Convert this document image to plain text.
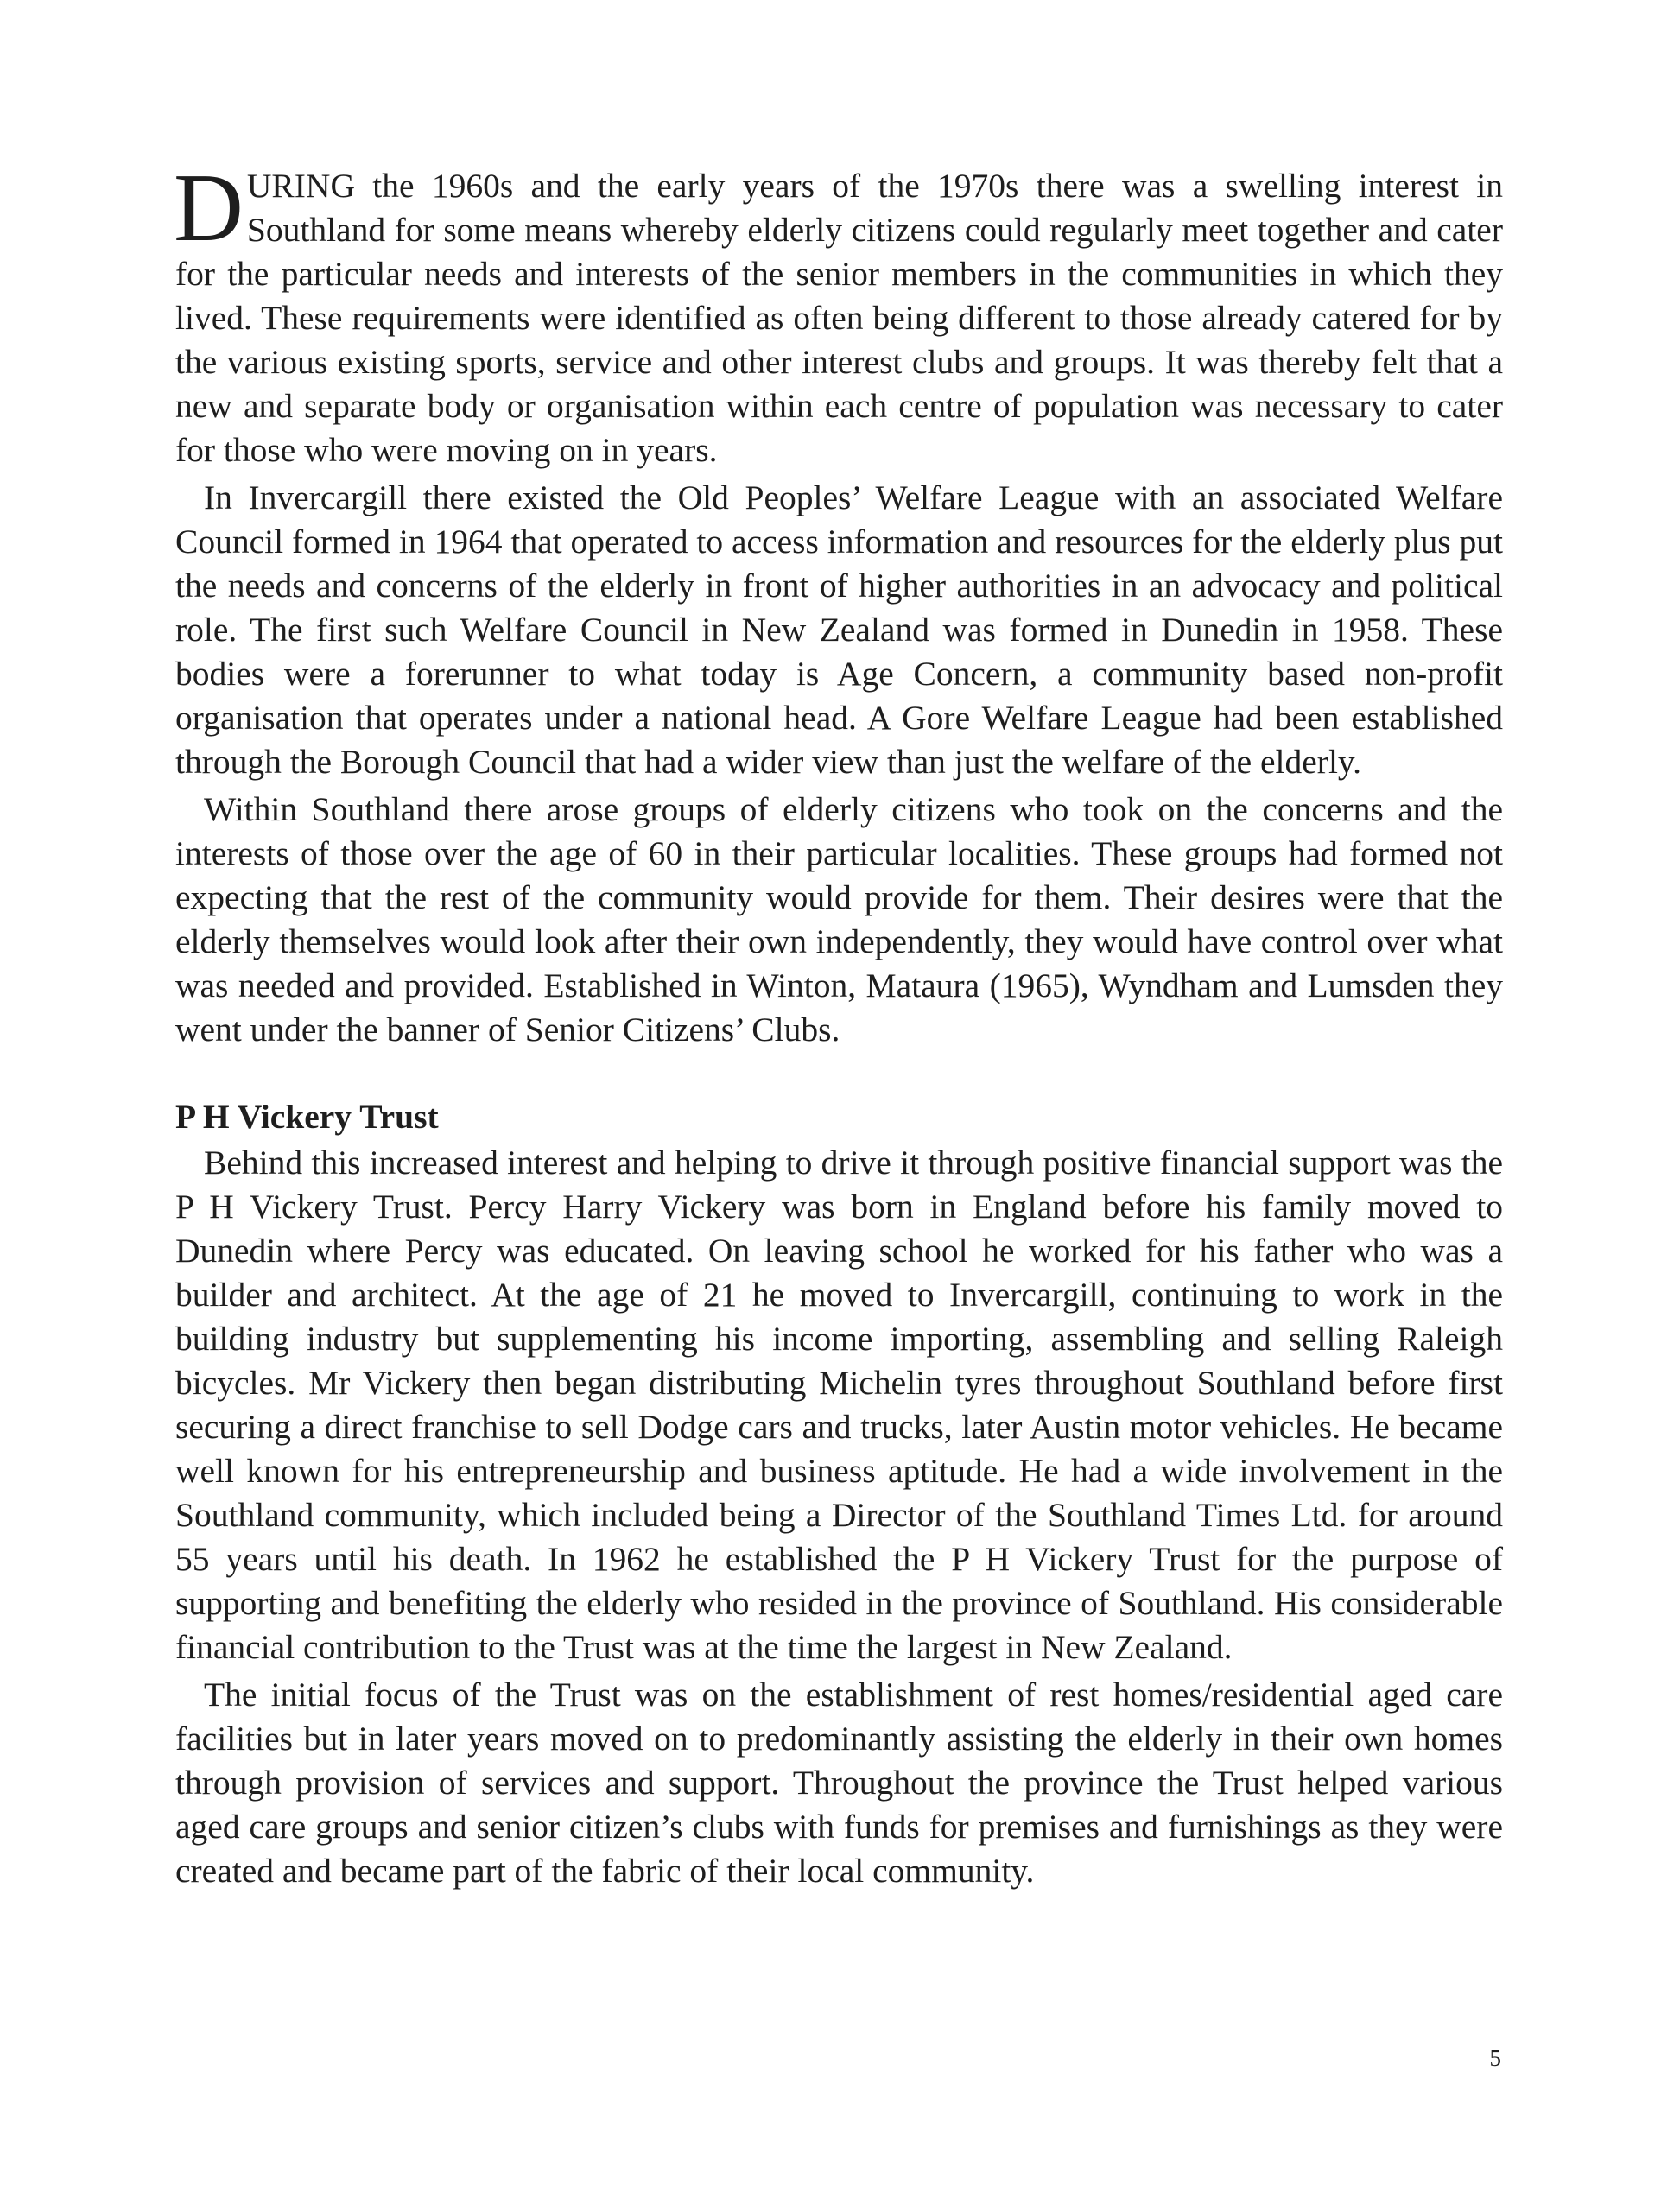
DURING the 1960s and the early years of the 1970s there was a swelling interest in Southland for some means whereby elderly citizens could regularly meet together and cater for the particular needs and interests of the senior members in the communities in which they lived. These requirements were identified as often being different to those already catered for by the various existing sports, service and other interest clubs and groups. It was thereby felt that a new and separate body or organisation within each centre of population was necessary to cater for those who were moving on in years.

In Invercargill there existed the Old Peoples’ Welfare League with an associated Welfare Council formed in 1964 that operated to access information and resources for the elderly plus put the needs and concerns of the elderly in front of higher authorities in an advocacy and political role. The first such Welfare Council in New Zealand was formed in Dunedin in 1958. These bodies were a forerunner to what today is Age Concern, a community based non-profit organisation that operates under a national head. A Gore Welfare League had been established through the Borough Council that had a wider view than just the welfare of the elderly.

Within Southland there arose groups of elderly citizens who took on the concerns and the interests of those over the age of 60 in their particular localities. These groups had formed not expecting that the rest of the community would provide for them. Their desires were that the elderly themselves would look after their own independently, they would have control over what was needed and provided. Established in Winton, Mataura (1965), Wyndham and Lumsden they went under the banner of Senior Citizens’ Clubs.

P H Vickery Trust

Behind this increased interest and helping to drive it through positive financial support was the P H Vickery Trust. Percy Harry Vickery was born in England before his family moved to Dunedin where Percy was educated. On leaving school he worked for his father who was a builder and architect. At the age of 21 he moved to Invercargill, continuing to work in the building industry but supplementing his income importing, assembling and selling Raleigh bicycles. Mr Vickery then began distributing Michelin tyres throughout Southland before first securing a direct franchise to sell Dodge cars and trucks, later Austin motor vehicles. He became well known for his entrepreneurship and business aptitude. He had a wide involvement in the Southland community, which included being a Director of the Southland Times Ltd. for around 55 years until his death. In 1962 he established the P H Vickery Trust for the purpose of supporting and benefiting the elderly who resided in the province of Southland. His considerable financial contribution to the Trust was at the time the largest in New Zealand.

The initial focus of the Trust was on the establishment of rest homes/residential aged care facilities but in later years moved on to predominantly assisting the elderly in their own homes through provision of services and support. Throughout the province the Trust helped various aged care groups and senior citizen’s clubs with funds for premises and furnishings as they were created and became part of the fabric of their local community.

5
